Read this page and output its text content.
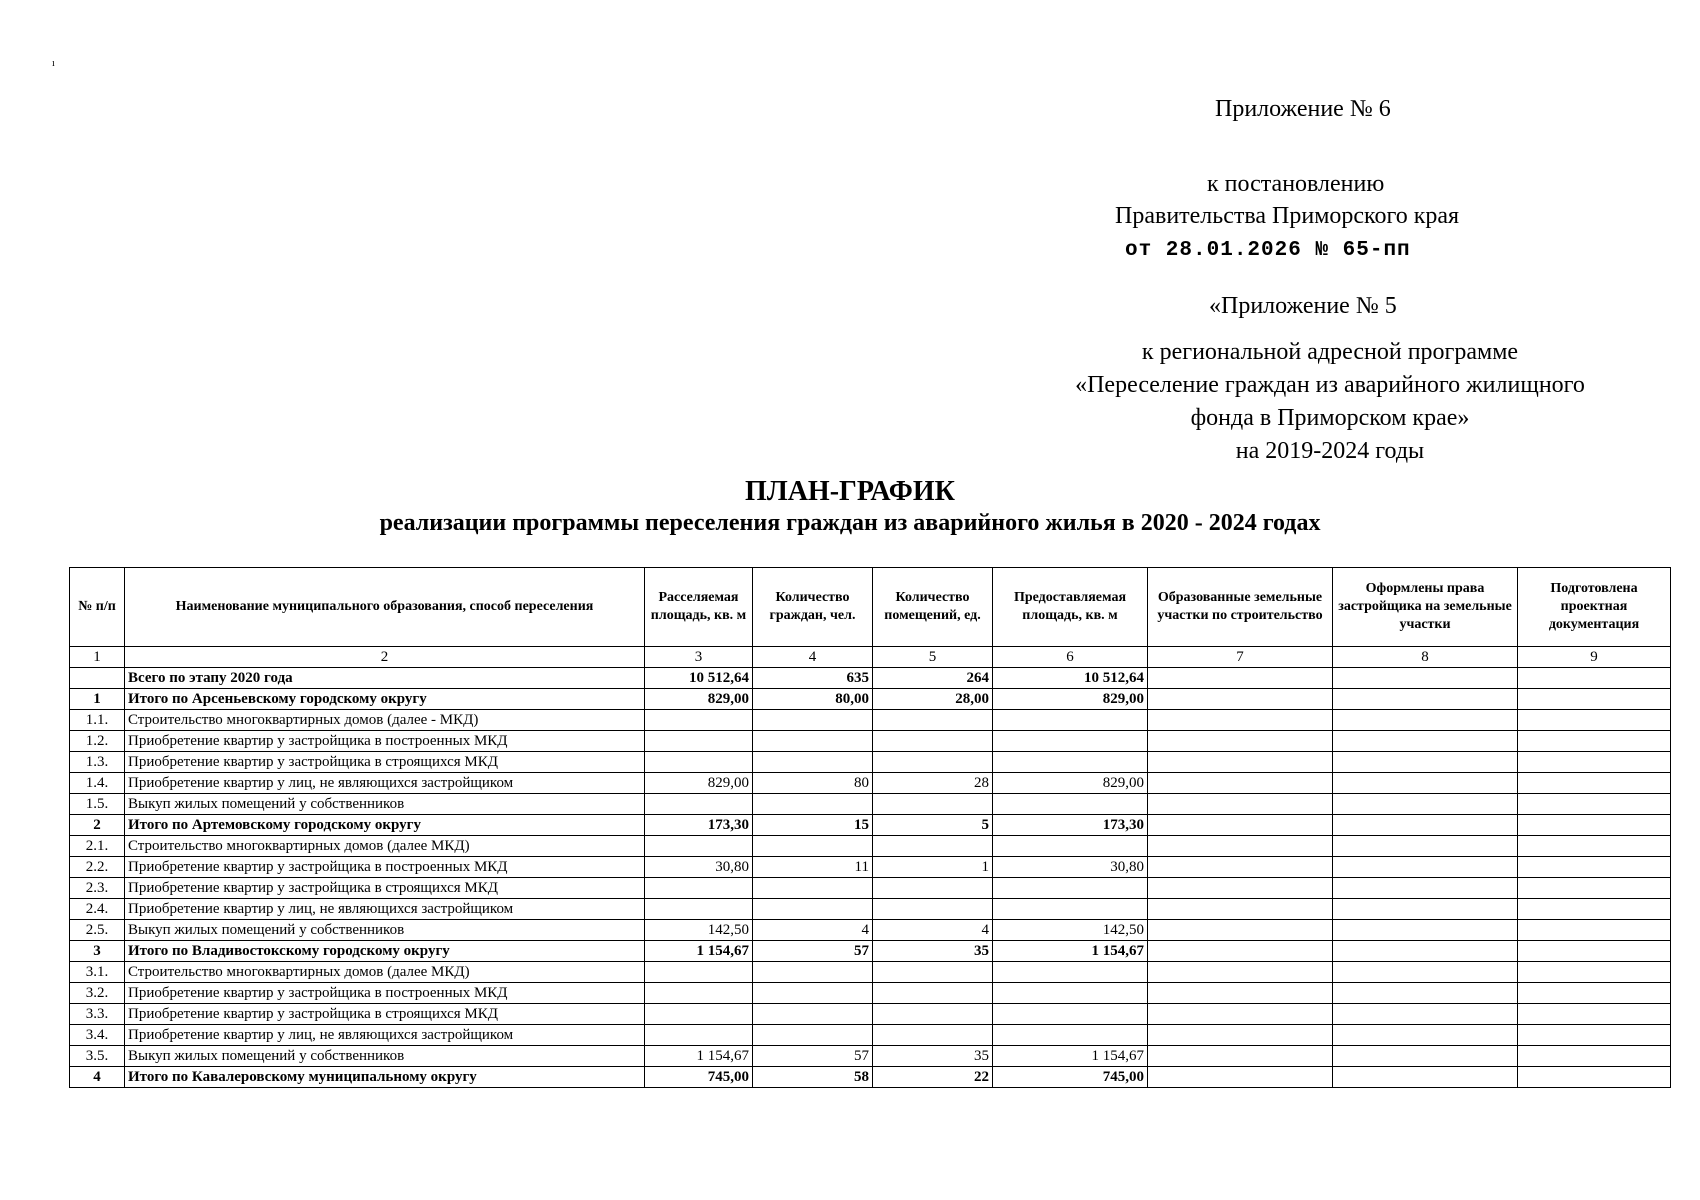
ı
Приложение № 6
к постановлению
Правительства Приморского края
от 28.01.2026 № 65-пп
«Приложение № 5
к региональной адресной программе
«Переселение граждан из аварийного жилищного
фонда в Приморском крае»
на 2019-2024 годы
ПЛАН-ГРАФИК
реализации программы переселения граждан из аварийного жилья в 2020 - 2024 годах
№ п/п	Наименование муниципального образования, способ переселения	Расселяемая площадь, кв. м	Количество граждан, чел.	Количество помещений, ед.	Предоставляемая площадь, кв. м	Образованные земельные участки по строительство	Оформлены права застройщика на земельные участки	Подготовлена проектная документация
1	2	3	4	5	6	7	8	9
	Всего по этапу 2020 года	10 512,64	635	264	10 512,64			
1	Итого по Арсеньевскому городскому округу	829,00	80,00	28,00	829,00			
1.1.	Строительство многоквартирных домов (далее - МКД)							
1.2.	Приобретение квартир у застройщика в построенных МКД							
1.3.	Приобретение квартир у застройщика в строящихся МКД							
1.4.	Приобретение квартир у лиц, не являющихся застройщиком	829,00	80	28	829,00			
1.5.	Выкуп жилых помещений у собственников							
2	Итого по Артемовскому городскому округу	173,30	15	5	173,30			
2.1.	Строительство многоквартирных домов (далее МКД)							
2.2.	Приобретение квартир у застройщика в построенных МКД	30,80	11	1	30,80			
2.3.	Приобретение квартир у застройщика в строящихся МКД							
2.4.	Приобретение квартир у лиц, не являющихся застройщиком							
2.5.	Выкуп жилых помещений у собственников	142,50	4	4	142,50			
3	Итого по Владивостокскому городскому округу	1 154,67	57	35	1 154,67			
3.1.	Строительство многоквартирных домов (далее МКД)							
3.2.	Приобретение квартир у застройщика в построенных МКД							
3.3.	Приобретение квартир у застройщика в строящихся МКД							
3.4.	Приобретение квартир у лиц, не являющихся застройщиком							
3.5.	Выкуп жилых помещений у собственников	1 154,67	57	35	1 154,67			
4	Итого по Кавалеровскому муниципальному округу	745,00	58	22	745,00			
